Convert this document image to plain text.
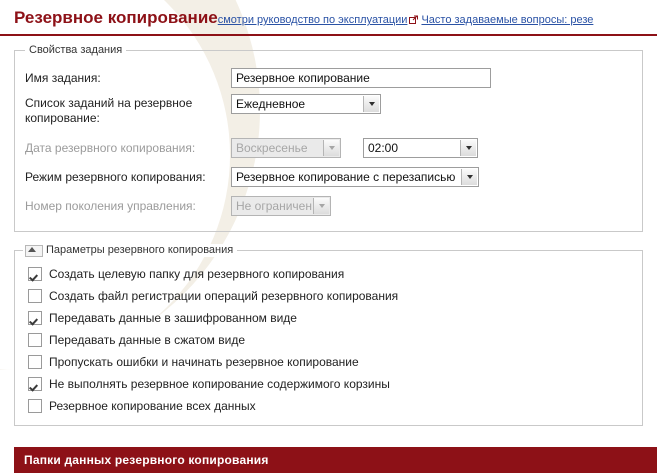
Резервное копированиесмотри руководство по эксплуатации Часто задаваемые вопросы: резе
Свойства задания
Имя задания:
Резервное копирование
Список заданий на резервное копирование:
Ежедневное
Дата резервного копирования:	Воскресенье	02:00
Режим резервного копирования:	Резервное копирование с перезаписью
Номер поколения управления:	Не ограничен
Параметры резервного копирования
Создать целевую папку для резервного копирования
Создать файл регистрации операций резервного копирования
Передавать данные в зашифрованном виде
Передавать данные в сжатом виде
Пропускать ошибки и начинать резервное копирование
Не выполнять резервное копирование содержимого корзины
Резервное копирование всех данных
Папки данных резервного копирования
